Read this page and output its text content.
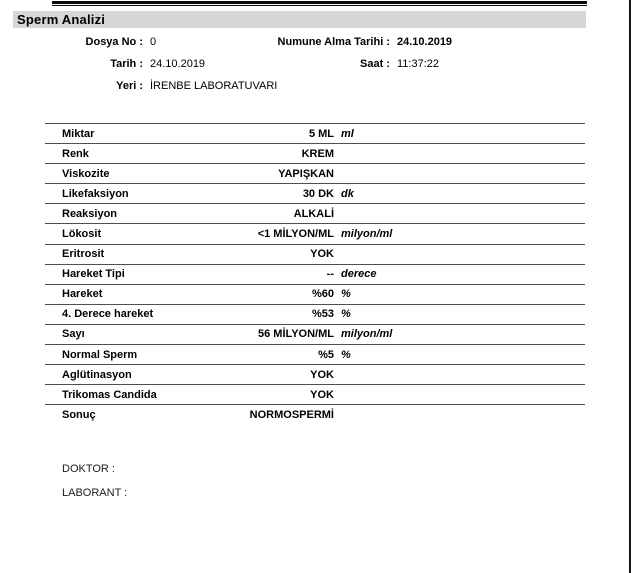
Sperm Analizi
Dosya No : 0	Numune Alma Tarihi : 24.10.2019
Tarih : 24.10.2019	Saat : 11:37:22
Yeri : İRENBE LABORATUVARI
Miktar	5 ML ml
Renk	KREM
Viskozite	YAPIŞKAN
Likefaksiyon	30 DK dk
Reaksiyon	ALKALİ
Lökosit	<1 MİLYON/ML milyon/ml
Eritrosit	YOK
Hareket Tipi	-- derece
Hareket	%60 %
4. Derece hareket	%53 %
Sayı	56 MİLYON/ML milyon/ml
Normal Sperm	%5 %
Aglütinasyon	YOK
Trikomas Candida	YOK
Sonuç	NORMOSPERMİ
DOKTOR :
LABORANT :
